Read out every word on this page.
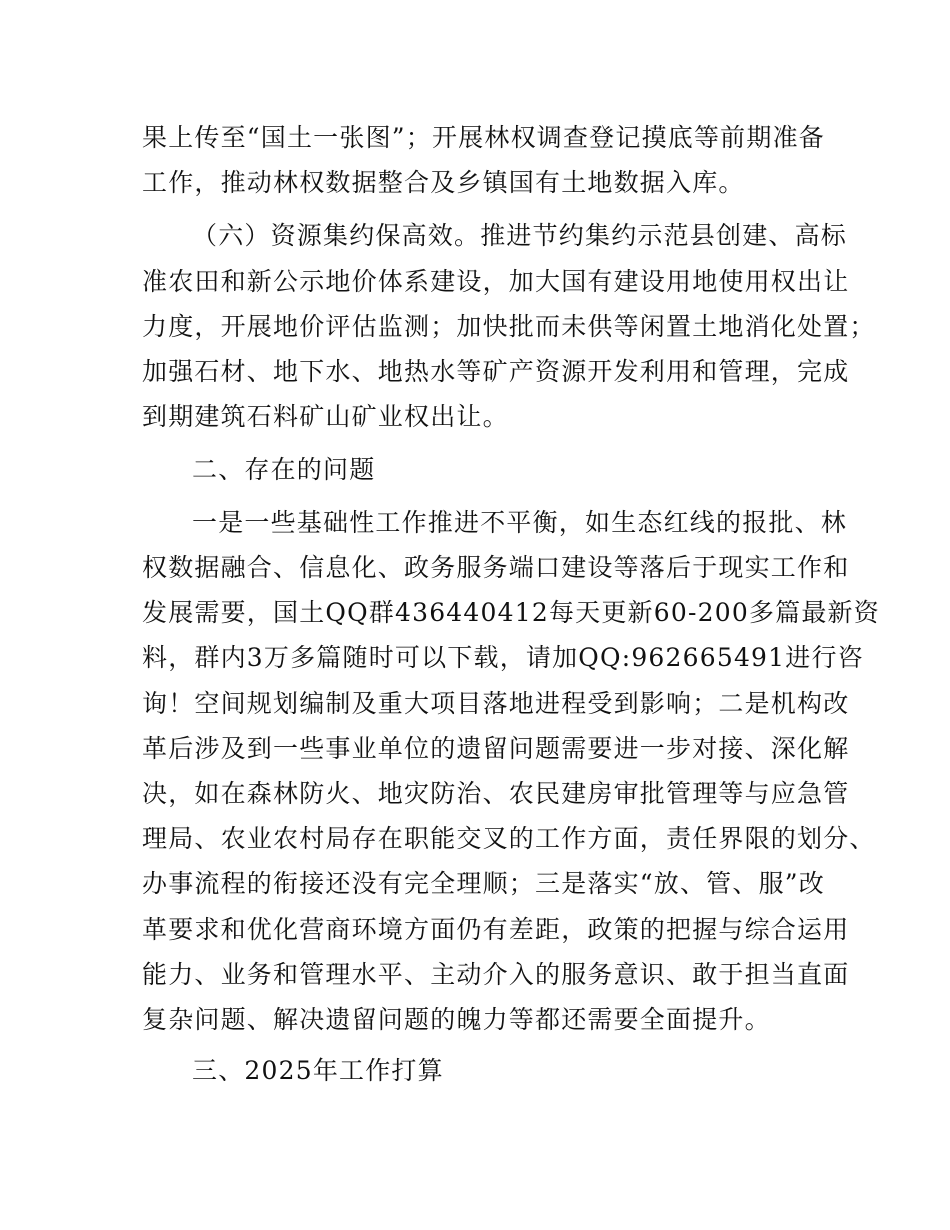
果上传至“国土一张图”；开展林权调查登记摸底等前期准备

工作，推动林权数据整合及乡镇国有土地数据入库。

（六）资源集约保高效。推进节约集约示范县创建、高标

准农田和新公示地价体系建设，加大国有建设用地使用权出让

力度，开展地价评估监测；加快批而未供等闲置土地消化处置；

加强石材、地下水、地热水等矿产资源开发利用和管理，完成

到期建筑石料矿山矿业权出让。

二、存在的问题

一是一些基础性工作推进不平衡，如生态红线的报批、林

权数据融合、信息化、政务服务端口建设等落后于现实工作和

发展需要，国土QQ群436440412每天更新60-200多篇最新资

料，群内3万多篇随时可以下载，请加QQ:962665491进行咨

询！空间规划编制及重大项目落地进程受到影响；二是机构改

革后涉及到一些事业单位的遗留问题需要进一步对接、深化解

决，如在森林防火、地灾防治、农民建房审批管理等与应急管

理局、农业农村局存在职能交叉的工作方面，责任界限的划分、

办事流程的衔接还没有完全理顺；三是落实“放、管、服”改

革要求和优化营商环境方面仍有差距，政策的把握与综合运用

能力、业务和管理水平、主动介入的服务意识、敢于担当直面

复杂问题、解决遗留问题的魄力等都还需要全面提升。

三、2025年工作打算
